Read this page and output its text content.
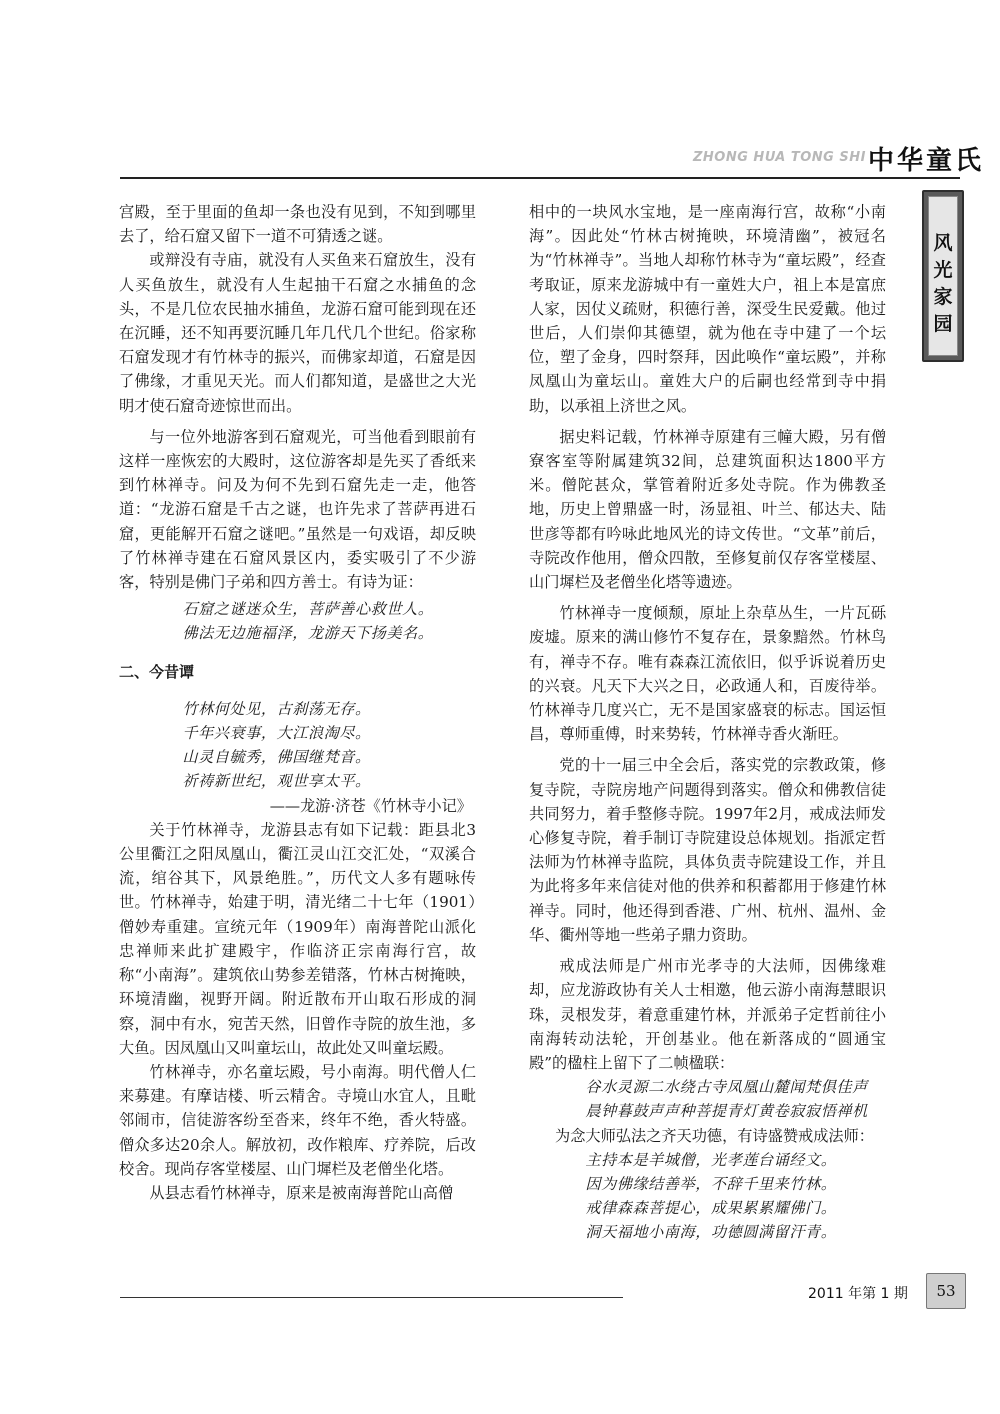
ZHONG HUA TONG SHI 中华童氏
风光家园

宫殿，至于里面的鱼却一条也没有见到，不知到哪里去了，给石窟又留下一道不可猜透之谜。

或辩没有寺庙，就没有人买鱼来石窟放生，没有人买鱼放生，就没有人生起抽干石窟之水捕鱼的念头，不是几位农民抽水捕鱼，龙游石窟可能到现在还在沉睡，还不知再要沉睡几年几代几个世纪。俗家称石窟发现才有竹林寺的振兴，而佛家却道，石窟是因了佛缘，才重见天光。而人们都知道，是盛世之大光明才使石窟奇迹惊世而出。

与一位外地游客到石窟观光，可当他看到眼前有这样一座恢宏的大殿时，这位游客却是先买了香纸来到竹林禅寺。问及为何不先到石窟先走一走，他答道：“龙游石窟是千古之谜，也许先求了菩萨再进石窟，更能解开石窟之谜吧。”虽然是一句戏语，却反映了竹林禅寺建在石窟风景区内，委实吸引了不少游客，特别是佛门子弟和四方善士。有诗为证：

石窟之谜迷众生，菩萨善心救世人。

佛法无边施福泽，龙游天下扬美名。

二、今昔谭

竹林何处见，古刹荡无存。

千年兴衰事，大江浪淘尽。

山灵自毓秀，佛国继梵音。

祈祷新世纪，观世享太平。

——龙游·济苍《竹林寺小记》

关于竹林禅寺，龙游县志有如下记载：距县北3公里衢江之阳凤凰山，衢江灵山江交汇处，“双溪合流，绾谷其下，风景绝胜。”，历代文人多有题咏传世。竹林禅寺，始建于明，清光绪二十七年（1901）僧妙寿重建。宣统元年（1909年）南海普陀山派化忠禅师来此扩建殿宇，作临济正宗南海行宫，故称“小南海”。建筑依山势参差错落，竹林古树掩映，环境清幽，视野开阔。附近散布开山取石形成的洞察，洞中有水，宛苦天然，旧曾作寺院的放生池，多大鱼。因凤凰山又叫童坛山，故此处又叫童坛殿。

竹林禅寺，亦名童坛殿，号小南海。明代僧人仁来募建。有摩诘楼、听云精舍。寺境山水宜人，且毗邻闹市，信徒游客纷至沓来，终年不绝，香火特盛。僧众多达20余人。解放初，改作粮库、疗养院，后改校舍。现尚存客堂楼屋、山门墀栏及老僧坐化塔。

从县志看竹林禅寺，原来是被南海普陀山高僧

相中的一块风水宝地，是一座南海行宫，故称“小南海”。因此处“竹林古树掩映，环境清幽”，被冠名为“竹林禅寺”。当地人却称竹林寺为“童坛殿”，经查考取证，原来龙游城中有一童姓大户，祖上本是富庶人家，因仗义疏财，积德行善，深受生民爱戴。他过世后，人们崇仰其德望，就为他在寺中建了一个坛位，塑了金身，四时祭拜，因此唤作“童坛殿”，并称凤凰山为童坛山。童姓大户的后嗣也经常到寺中捐助，以承祖上济世之风。

据史料记载，竹林禅寺原建有三幢大殿，另有僧寮客室等附属建筑32间，总建筑面积达1800平方米。僧陀甚众，掌管着附近多处寺院。作为佛教圣地，历史上曾鼎盛一时，汤显祖、叶兰、郁达夫、陆世彦等都有吟咏此地风光的诗文传世。“文革”前后，寺院改作他用，僧众四散，至修复前仅存客堂楼屋、山门墀栏及老僧坐化塔等遗迹。

竹林禅寺一度倾颓，原址上杂草丛生，一片瓦砾废墟。原来的满山修竹不复存在，景象黯然。竹林鸟有，禅寺不存。唯有森森江流依旧，似乎诉说着历史的兴衰。凡天下大兴之日，必政通人和，百废待举。竹林禅寺几度兴亡，无不是国家盛衰的标志。国运恒昌，尊师重傅，时来势转，竹林禅寺香火渐旺。

党的十一届三中全会后，落实党的宗教政策，修复寺院，寺院房地产问题得到落实。僧众和佛教信徒共同努力，着手整修寺院。1997年2月，戒成法师发心修复寺院，着手制订寺院建设总体规划。指派定哲法师为竹林禅寺监院，具体负责寺院建设工作，并且为此将多年来信徒对他的供养和积蓄都用于修建竹林禅寺。同时，他还得到香港、广州、杭州、温州、金华、衢州等地一些弟子鼎力资助。

戒成法师是广州市光孝寺的大法师，因佛缘难却，应龙游政协有关人士相邀，他云游小南海慧眼识珠，灵根发芽，着意重建竹林，并派弟子定哲前往小南海转动法轮，开创基业。他在新落成的“圆通宝殿”的楹柱上留下了二帧楹联：

谷水灵源二水绕古寺凤凰山麓闻梵俱佳声

晨钟暮鼓声声种菩提青灯黄卷寂寂悟禅机

为念大师弘法之齐天功德，有诗盛赞戒成法师：

主持本是羊城僧，光孝莲台诵经文。

因为佛缘结善举，不辞千里来竹林。

戒律森森菩提心，成果累累耀佛门。

洞天福地小南海，功德圆满留汗青。

2011 年第 1 期	53
